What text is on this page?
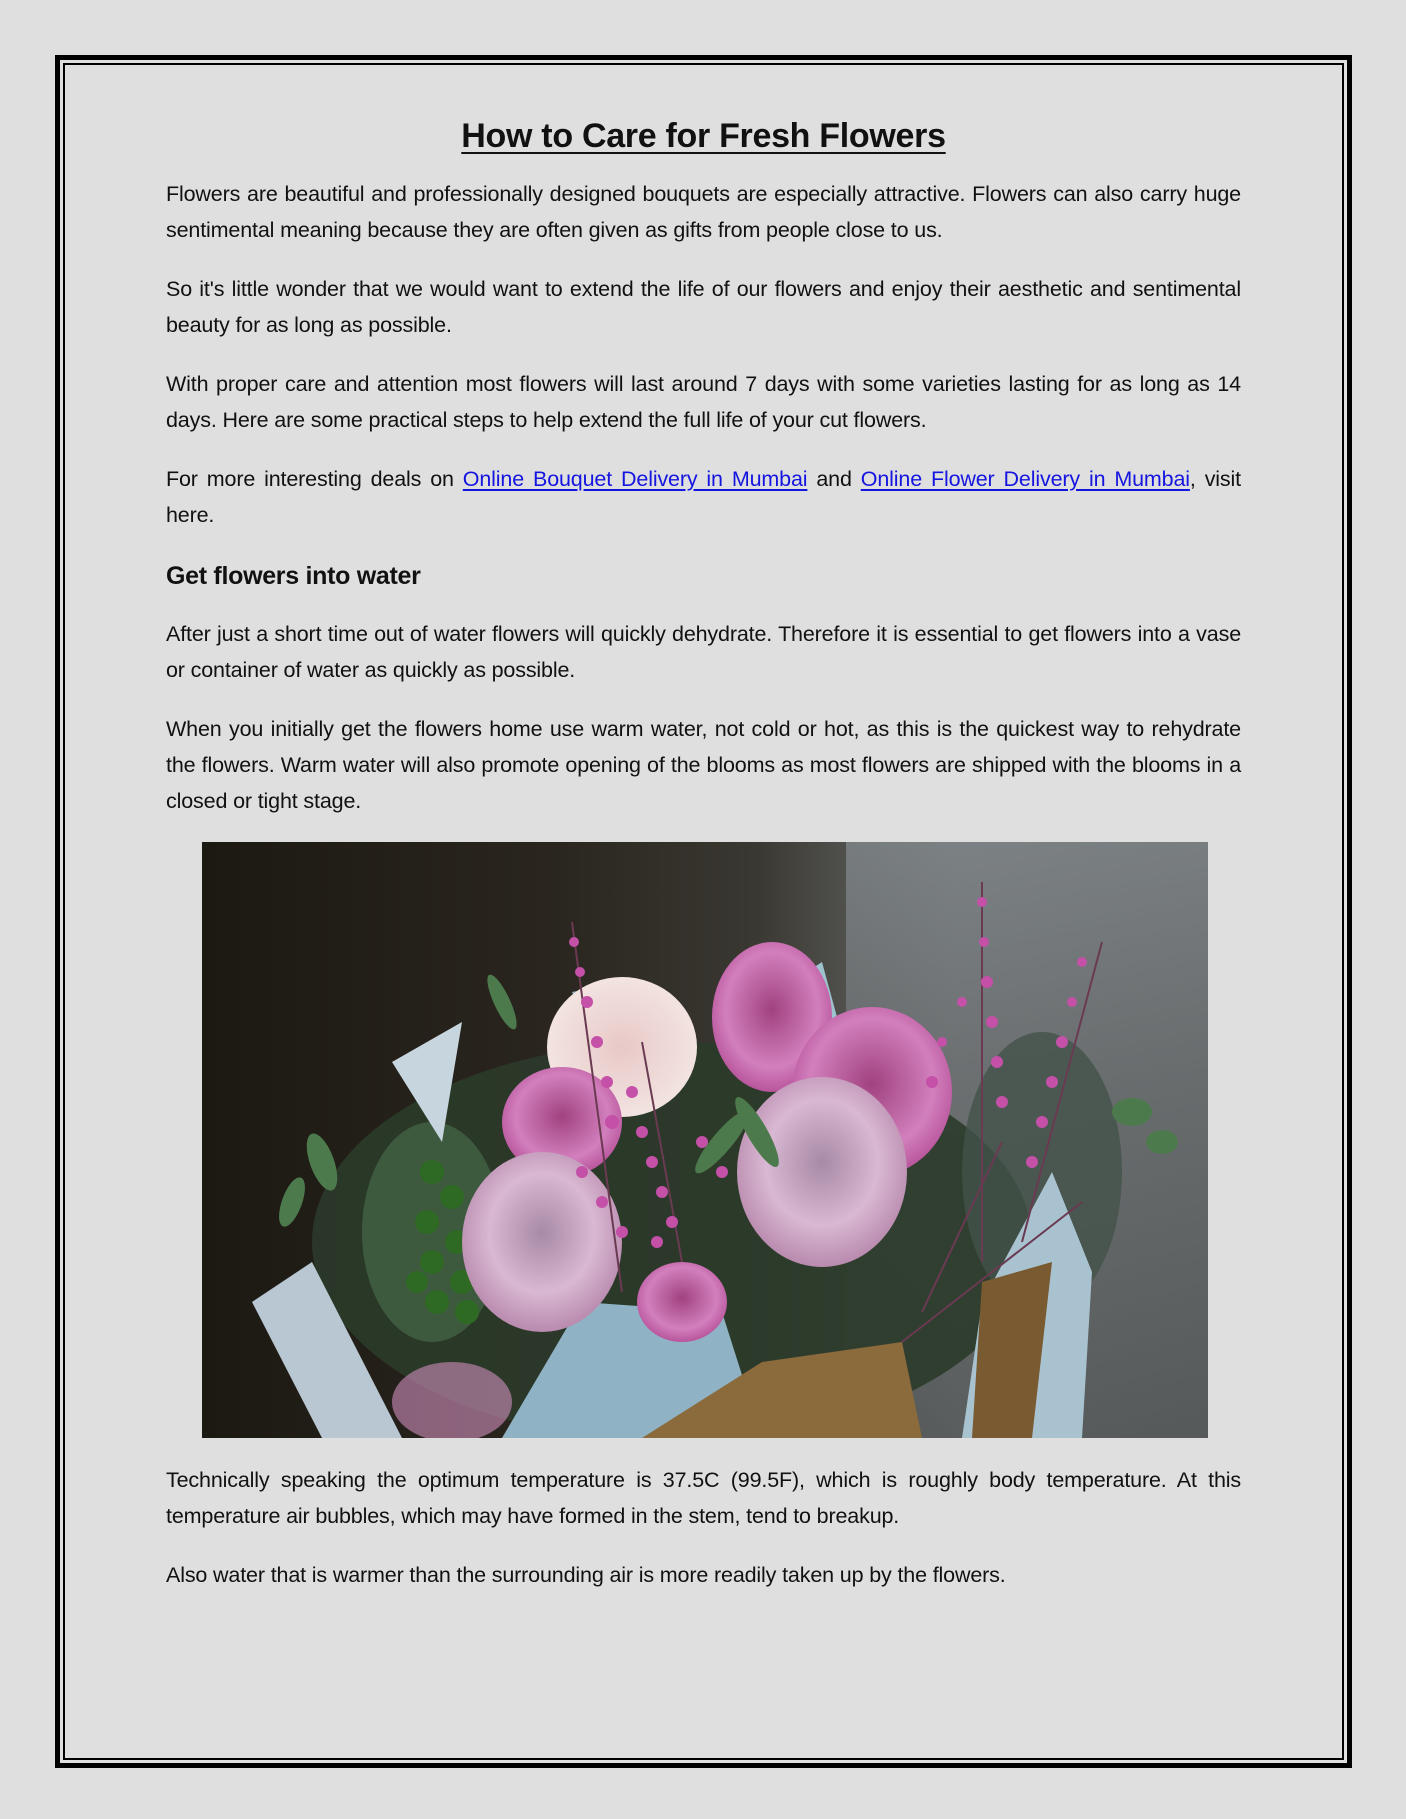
How to Care for Fresh Flowers

Flowers are beautiful and professionally designed bouquets are especially attractive. Flowers can also carry huge sentimental meaning because they are often given as gifts from people close to us.

So it's little wonder that we would want to extend the life of our flowers and enjoy their aesthetic and sentimental beauty for as long as possible.

With proper care and attention most flowers will last around 7 days with some varieties lasting for as long as 14 days. Here are some practical steps to help extend the full life of your cut flowers.

For more interesting deals on Online Bouquet Delivery in Mumbai and Online Flower Delivery in Mumbai, visit here.

Get flowers into water

After just a short time out of water flowers will quickly dehydrate. Therefore it is essential to get flowers into a vase or container of water as quickly as possible.

When you initially get the flowers home use warm water, not cold or hot, as this is the quickest way to rehydrate the flowers. Warm water will also promote opening of the blooms as most flowers are shipped with the blooms in a closed or tight stage.

Technically speaking the optimum temperature is 37.5C (99.5F), which is roughly body temperature. At this temperature air bubbles, which may have formed in the stem, tend to breakup.

Also water that is warmer than the surrounding air is more readily taken up by the flowers.
